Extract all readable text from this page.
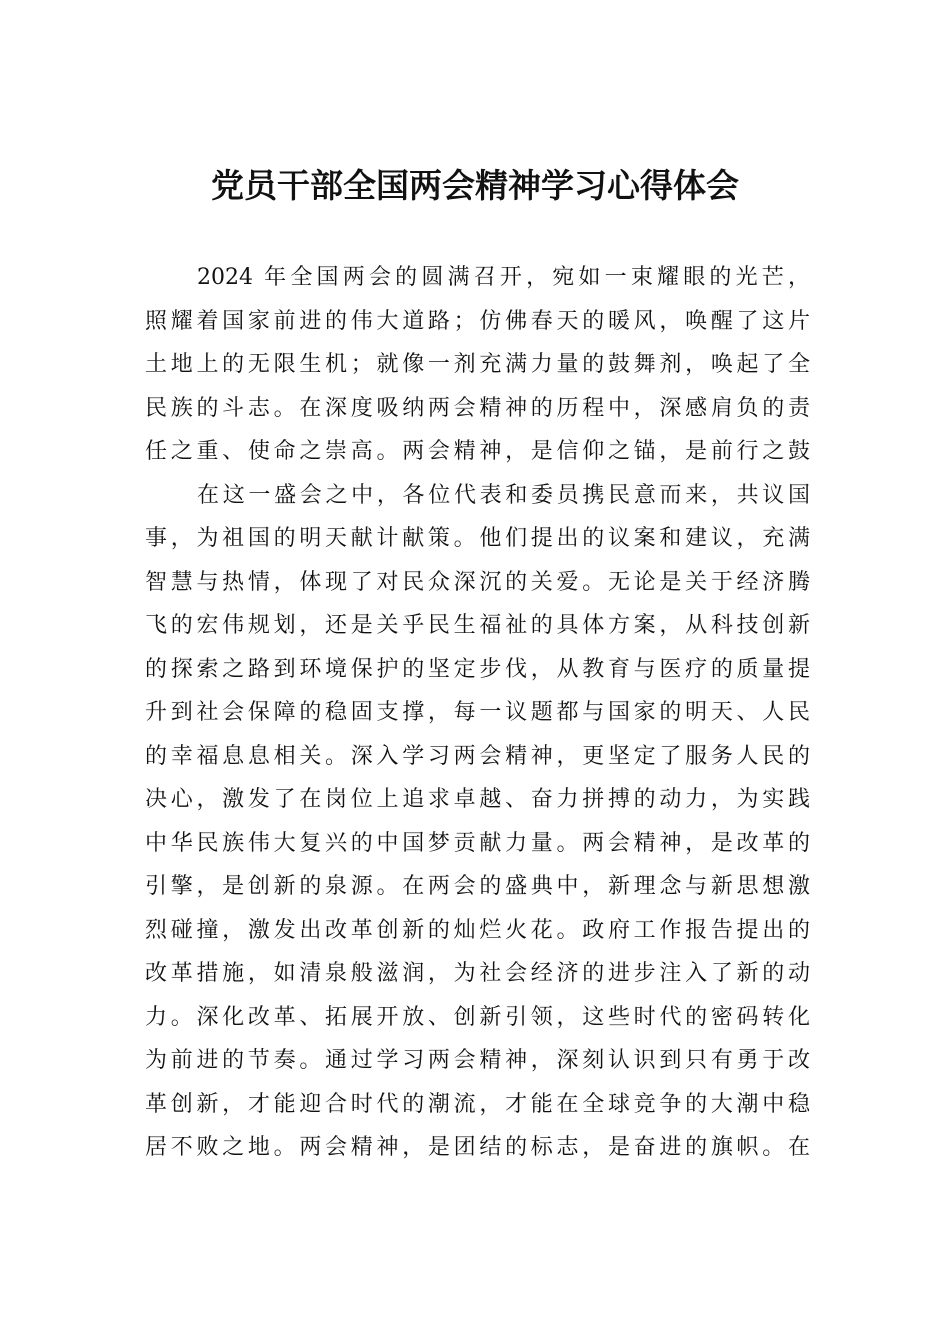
党员干部全国两会精神学习心得体会
2024 年全国两会的圆满召开，宛如一束耀眼的光芒，
照耀着国家前进的伟大道路；仿佛春天的暖风，唤醒了这片
土地上的无限生机；就像一剂充满力量的鼓舞剂，唤起了全
民族的斗志。在深度吸纳两会精神的历程中，深感肩负的责
任之重、使命之崇高。两会精神，是信仰之锚，是前行之鼓
在这一盛会之中，各位代表和委员携民意而来，共议国
事，为祖国的明天献计献策。他们提出的议案和建议，充满
智慧与热情，体现了对民众深沉的关爱。无论是关于经济腾
飞的宏伟规划，还是关乎民生福祉的具体方案，从科技创新
的探索之路到环境保护的坚定步伐，从教育与医疗的质量提
升到社会保障的稳固支撑，每一议题都与国家的明天、人民
的幸福息息相关。深入学习两会精神，更坚定了服务人民的
决心，激发了在岗位上追求卓越、奋力拼搏的动力，为实践
中华民族伟大复兴的中国梦贡献力量。两会精神，是改革的
引擎，是创新的泉源。在两会的盛典中，新理念与新思想激
烈碰撞，激发出改革创新的灿烂火花。政府工作报告提出的
改革措施，如清泉般滋润，为社会经济的进步注入了新的动
力。深化改革、拓展开放、创新引领，这些时代的密码转化
为前进的节奏。通过学习两会精神，深刻认识到只有勇于改
革创新，才能迎合时代的潮流，才能在全球竞争的大潮中稳
居不败之地。两会精神，是团结的标志，是奋进的旗帜。在
